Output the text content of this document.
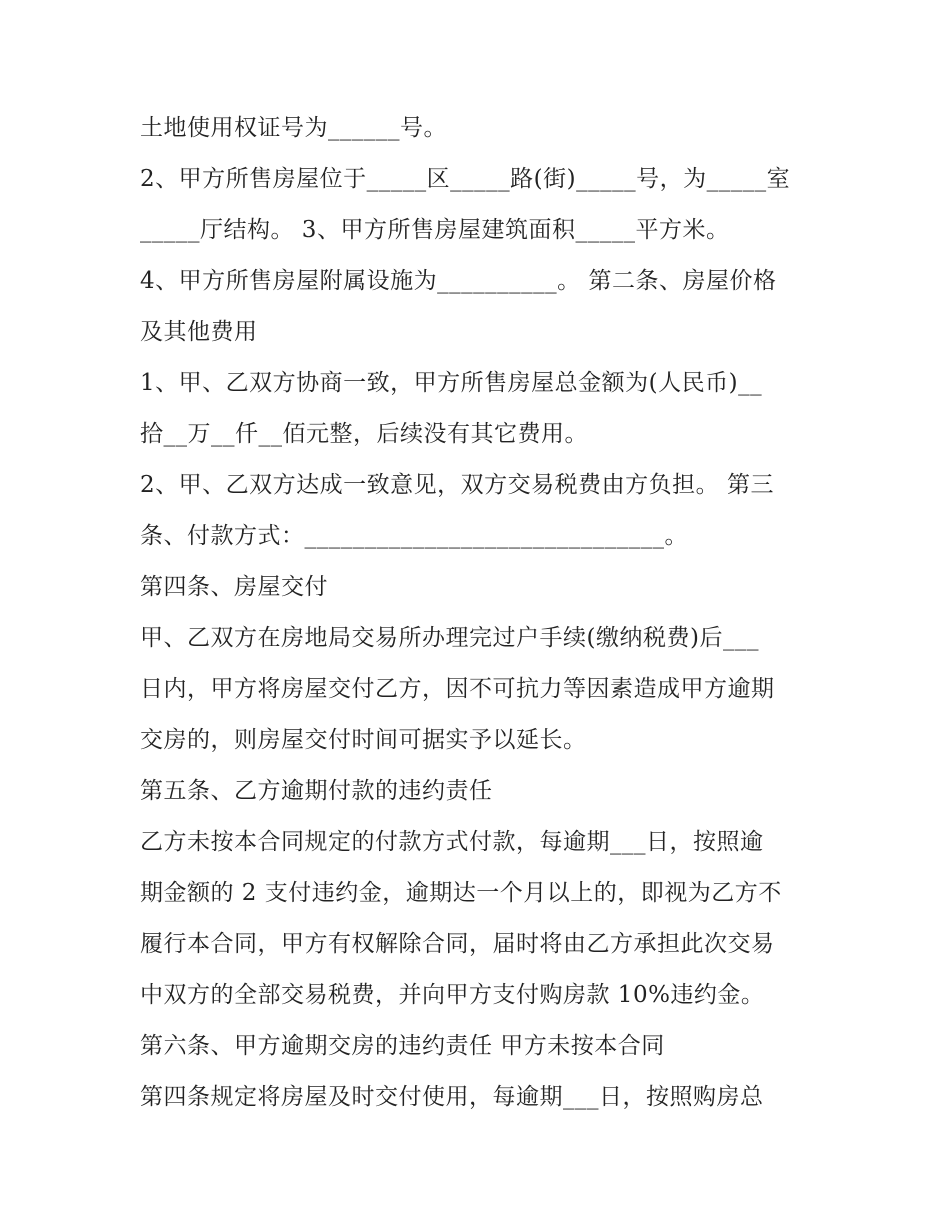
土地使用权证号为______号。
2、甲方所售房屋位于_____区_____路(街)_____号，为_____室
_____厅结构。 3、甲方所售房屋建筑面积_____平方米。
4、甲方所售房屋附属设施为__________。 第二条、房屋价格
及其他费用
1、甲、乙双方协商一致，甲方所售房屋总金额为(人民币)__
拾__万__仟__佰元整，后续没有其它费用。
2、甲、乙双方达成一致意见，双方交易税费由方负担。 第三
条、付款方式：______________________________。
第四条、房屋交付
甲、乙双方在房地局交易所办理完过户手续(缴纳税费)后___
日内，甲方将房屋交付乙方，因不可抗力等因素造成甲方逾期
交房的，则房屋交付时间可据实予以延长。
第五条、乙方逾期付款的违约责任
乙方未按本合同规定的付款方式付款，每逾期___日，按照逾
期金额的 2 支付违约金，逾期达一个月以上的，即视为乙方不
履行本合同，甲方有权解除合同，届时将由乙方承担此次交易
中双方的全部交易税费，并向甲方支付购房款 10%违约金。
第六条、甲方逾期交房的违约责任 甲方未按本合同
第四条规定将房屋及时交付使用，每逾期___日，按照购房总
